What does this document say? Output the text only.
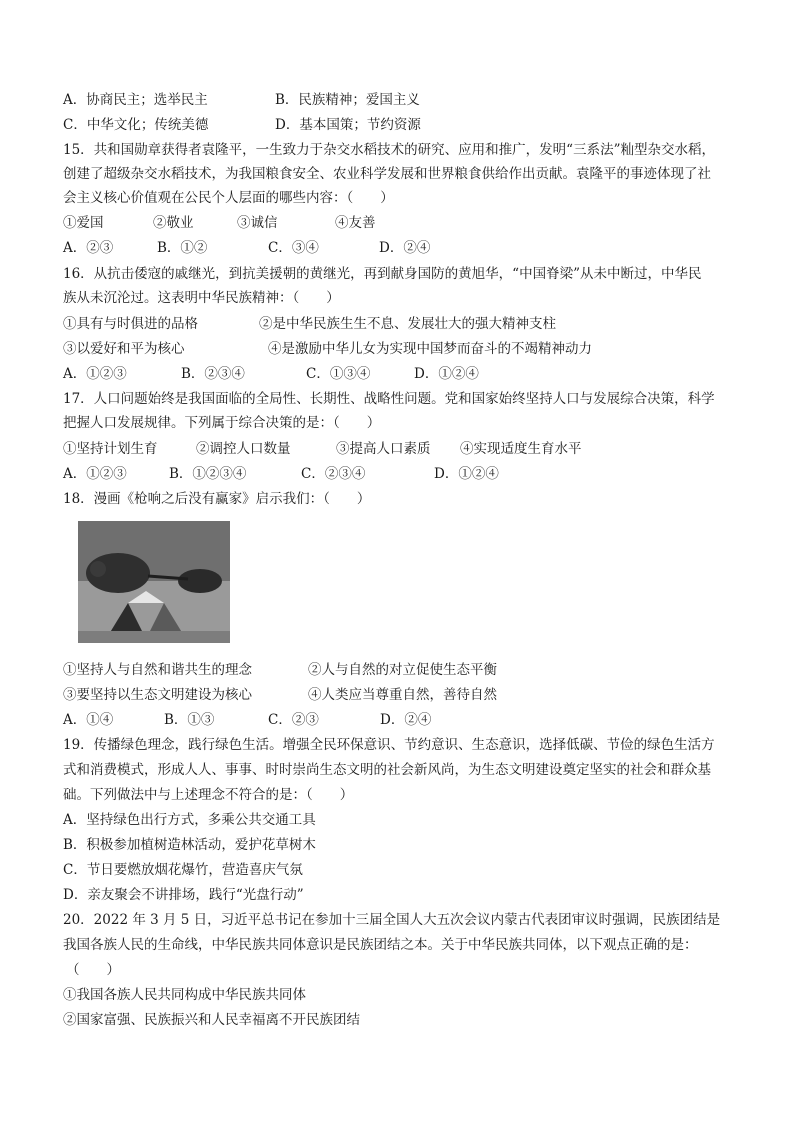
A．协商民主；选举民主	B．民族精神；爱国主义
C．中华文化；传统美德	D．基本国策；节约资源
15．共和国勋章获得者袁隆平，一生致力于杂交水稻技术的研究、应用和推广，发明“三系法”籼型杂交水稻，
创建了超级杂交水稻技术，为我国粮食安全、农业科学发展和世界粮食供给作出贡献。袁隆平的事迹体现了社
会主义核心价值观在公民个人层面的哪些内容：（　　）
①爱国	②敬业	③诚信	④友善
A．②③	B．①②	C．③④	D．②④
16．从抗击倭寇的戚继光，到抗美援朝的黄继光，再到献身国防的黄旭华，“中国脊梁”从未中断过，中华民
族从未沉沦过。这表明中华民族精神：（　　）
①具有与时俱进的品格	②是中华民族生生不息、发展壮大的强大精神支柱
③以爱好和平为核心	④是激励中华儿女为实现中国梦而奋斗的不竭精神动力
A．①②③	B．②③④	C．①③④	D．①②④
17．人口问题始终是我国面临的全局性、长期性、战略性问题。党和国家始终坚持人口与发展综合决策，科学
把握人口发展规律。下列属于综合决策的是：（　　）
①坚持计划生育	②调控人口数量	③提高人口素质 ④实现适度生育水平
A．①②③	B．①②③④	C．②③④	D．①②④
18．漫画《枪响之后没有赢家》启示我们：（　　）
①坚持人与自然和谐共生的理念	②人与自然的对立促使生态平衡
③要坚持以生态文明建设为核心	④人类应当尊重自然，善待自然
A．①④	B．①③	C．②③	D．②④
19．传播绿色理念，践行绿色生活。增强全民环保意识、节约意识、生态意识，选择低碳、节俭的绿色生活方
式和消费模式，形成人人、事事、时时崇尚生态文明的社会新风尚，为生态文明建设奠定坚实的社会和群众基
础。下列做法中与上述理念不符合的是：（　　）
A．坚持绿色出行方式，多乘公共交通工具
B．积极参加植树造林活动，爱护花草树木
C．节日要燃放烟花爆竹，营造喜庆气氛
D．亲友聚会不讲排场，践行“光盘行动”
20．2022 年 3 月 5 日，习近平总书记在参加十三届全国人大五次会议内蒙古代表团审议时强调，民族团结是
我国各族人民的生命线，中华民族共同体意识是民族团结之本。关于中华民族共同体，以下观点正确的是：
（　　）
①我国各族人民共同构成中华民族共同体
②国家富强、民族振兴和人民幸福离不开民族团结
